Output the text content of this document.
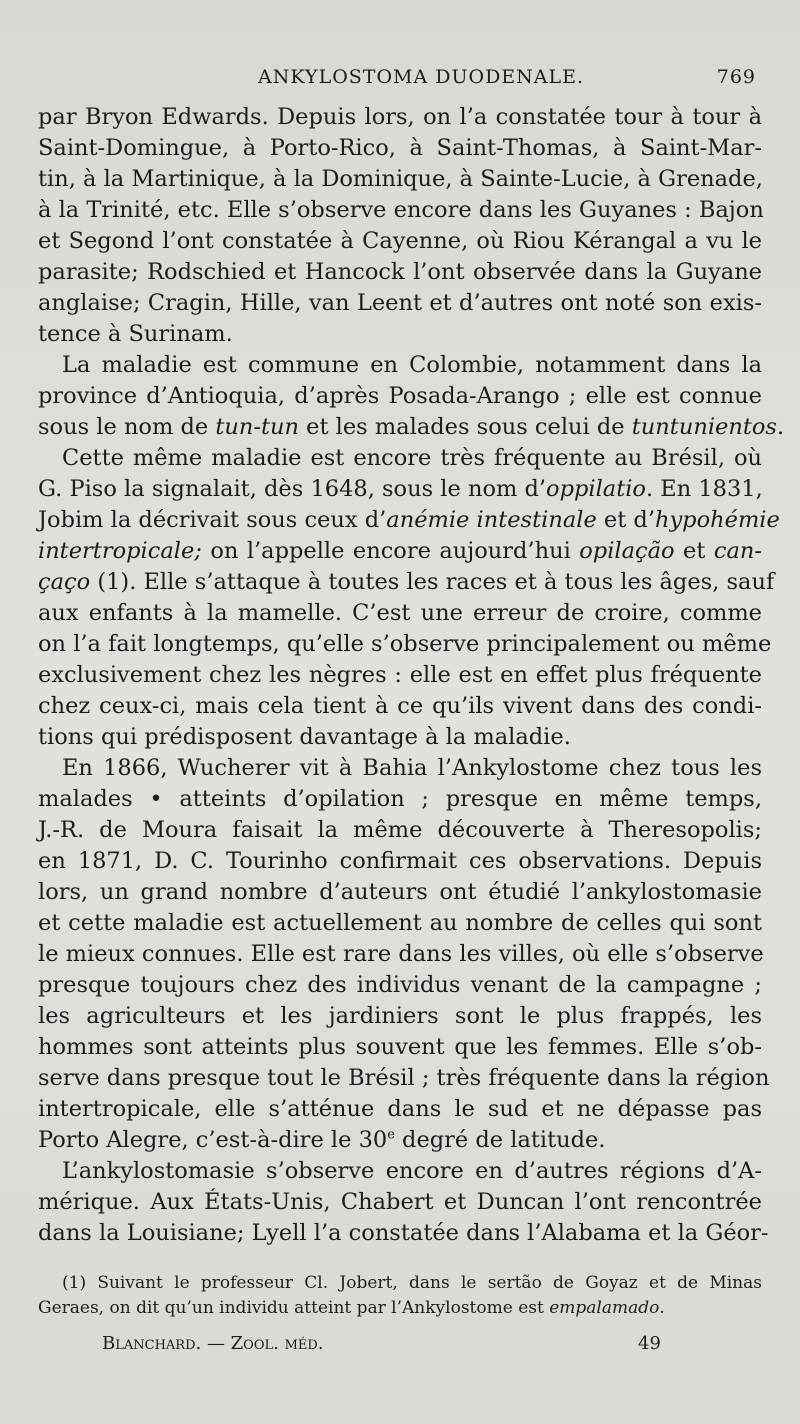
ANKYLOSTOMA DUODENALE.	769
par Bryon Edwards. Depuis lors, on l’a constatée tour à tour à
Saint-Domingue, à Porto-Rico, à Saint-Thomas, à Saint-Mar-
tin, à la Martinique, à la Dominique, à Sainte-Lucie, à Grenade,
à la Trinité, etc. Elle s’observe encore dans les Guyanes : Bajon
et Segond l’ont constatée à Cayenne, où Riou Kérangal a vu le
parasite; Rodschied et Hancock l’ont observée dans la Guyane
anglaise; Cragin, Hille, van Leent et d’autres ont noté son exis-
tence à Surinam.
La maladie est commune en Colombie, notamment dans la
province d’Antioquia, d’après Posada-Arango ; elle est connue
sous le nom de tun-tun et les malades sous celui de tuntunientos.
Cette même maladie est encore très fréquente au Brésil, où
G. Piso la signalait, dès 1648, sous le nom d’oppilatio. En 1831,
Jobim la décrivait sous ceux d’anémie intestinale et d’hypohémie
intertropicale; on l’appelle encore aujourd’hui opilação et can-
çaço (1). Elle s’attaque à toutes les races et à tous les âges, sauf
aux enfants à la mamelle. C’est une erreur de croire, comme
on l’a fait longtemps, qu’elle s’observe principalement ou même
exclusivement chez les nègres : elle est en effet plus fréquente
chez ceux-ci, mais cela tient à ce qu’ils vivent dans des condi-
tions qui prédisposent davantage à la maladie.
En 1866, Wucherer vit à Bahia l’Ankylostome chez tous les
malades • atteints d’opilation ; presque en même temps,
J.-R. de Moura faisait la même découverte à Theresopolis;
en 1871, D. C. Tourinho confirmait ces observations. Depuis
lors, un grand nombre d’auteurs ont étudié l’ankylostomasie
et cette maladie est actuellement au nombre de celles qui sont
le mieux connues. Elle est rare dans les villes, où elle s’observe
presque toujours chez des individus venant de la campagne ;
les agriculteurs et les jardiniers sont le plus frappés, les
hommes sont atteints plus souvent que les femmes. Elle s’ob-
serve dans presque tout le Brésil ; très fréquente dans la région
intertropicale, elle s’atténue dans le sud et ne dépasse pas
Porto Alegre, c’est-à-dire le 30e degré de latitude.
L’ankylostomasie s’observe encore en d’autres régions d’A-
mérique. Aux États-Unis, Chabert et Duncan l’ont rencontrée
dans la Louisiane; Lyell l’a constatée dans l’Alabama et la Géor-
(1) Suivant le professeur Cl. Jobert, dans le sertão de Goyaz et de Minas
Geraes, on dit qu’un individu atteint par l’Ankylostome est empalamado.
Blanchard. — Zool. méd.	49
